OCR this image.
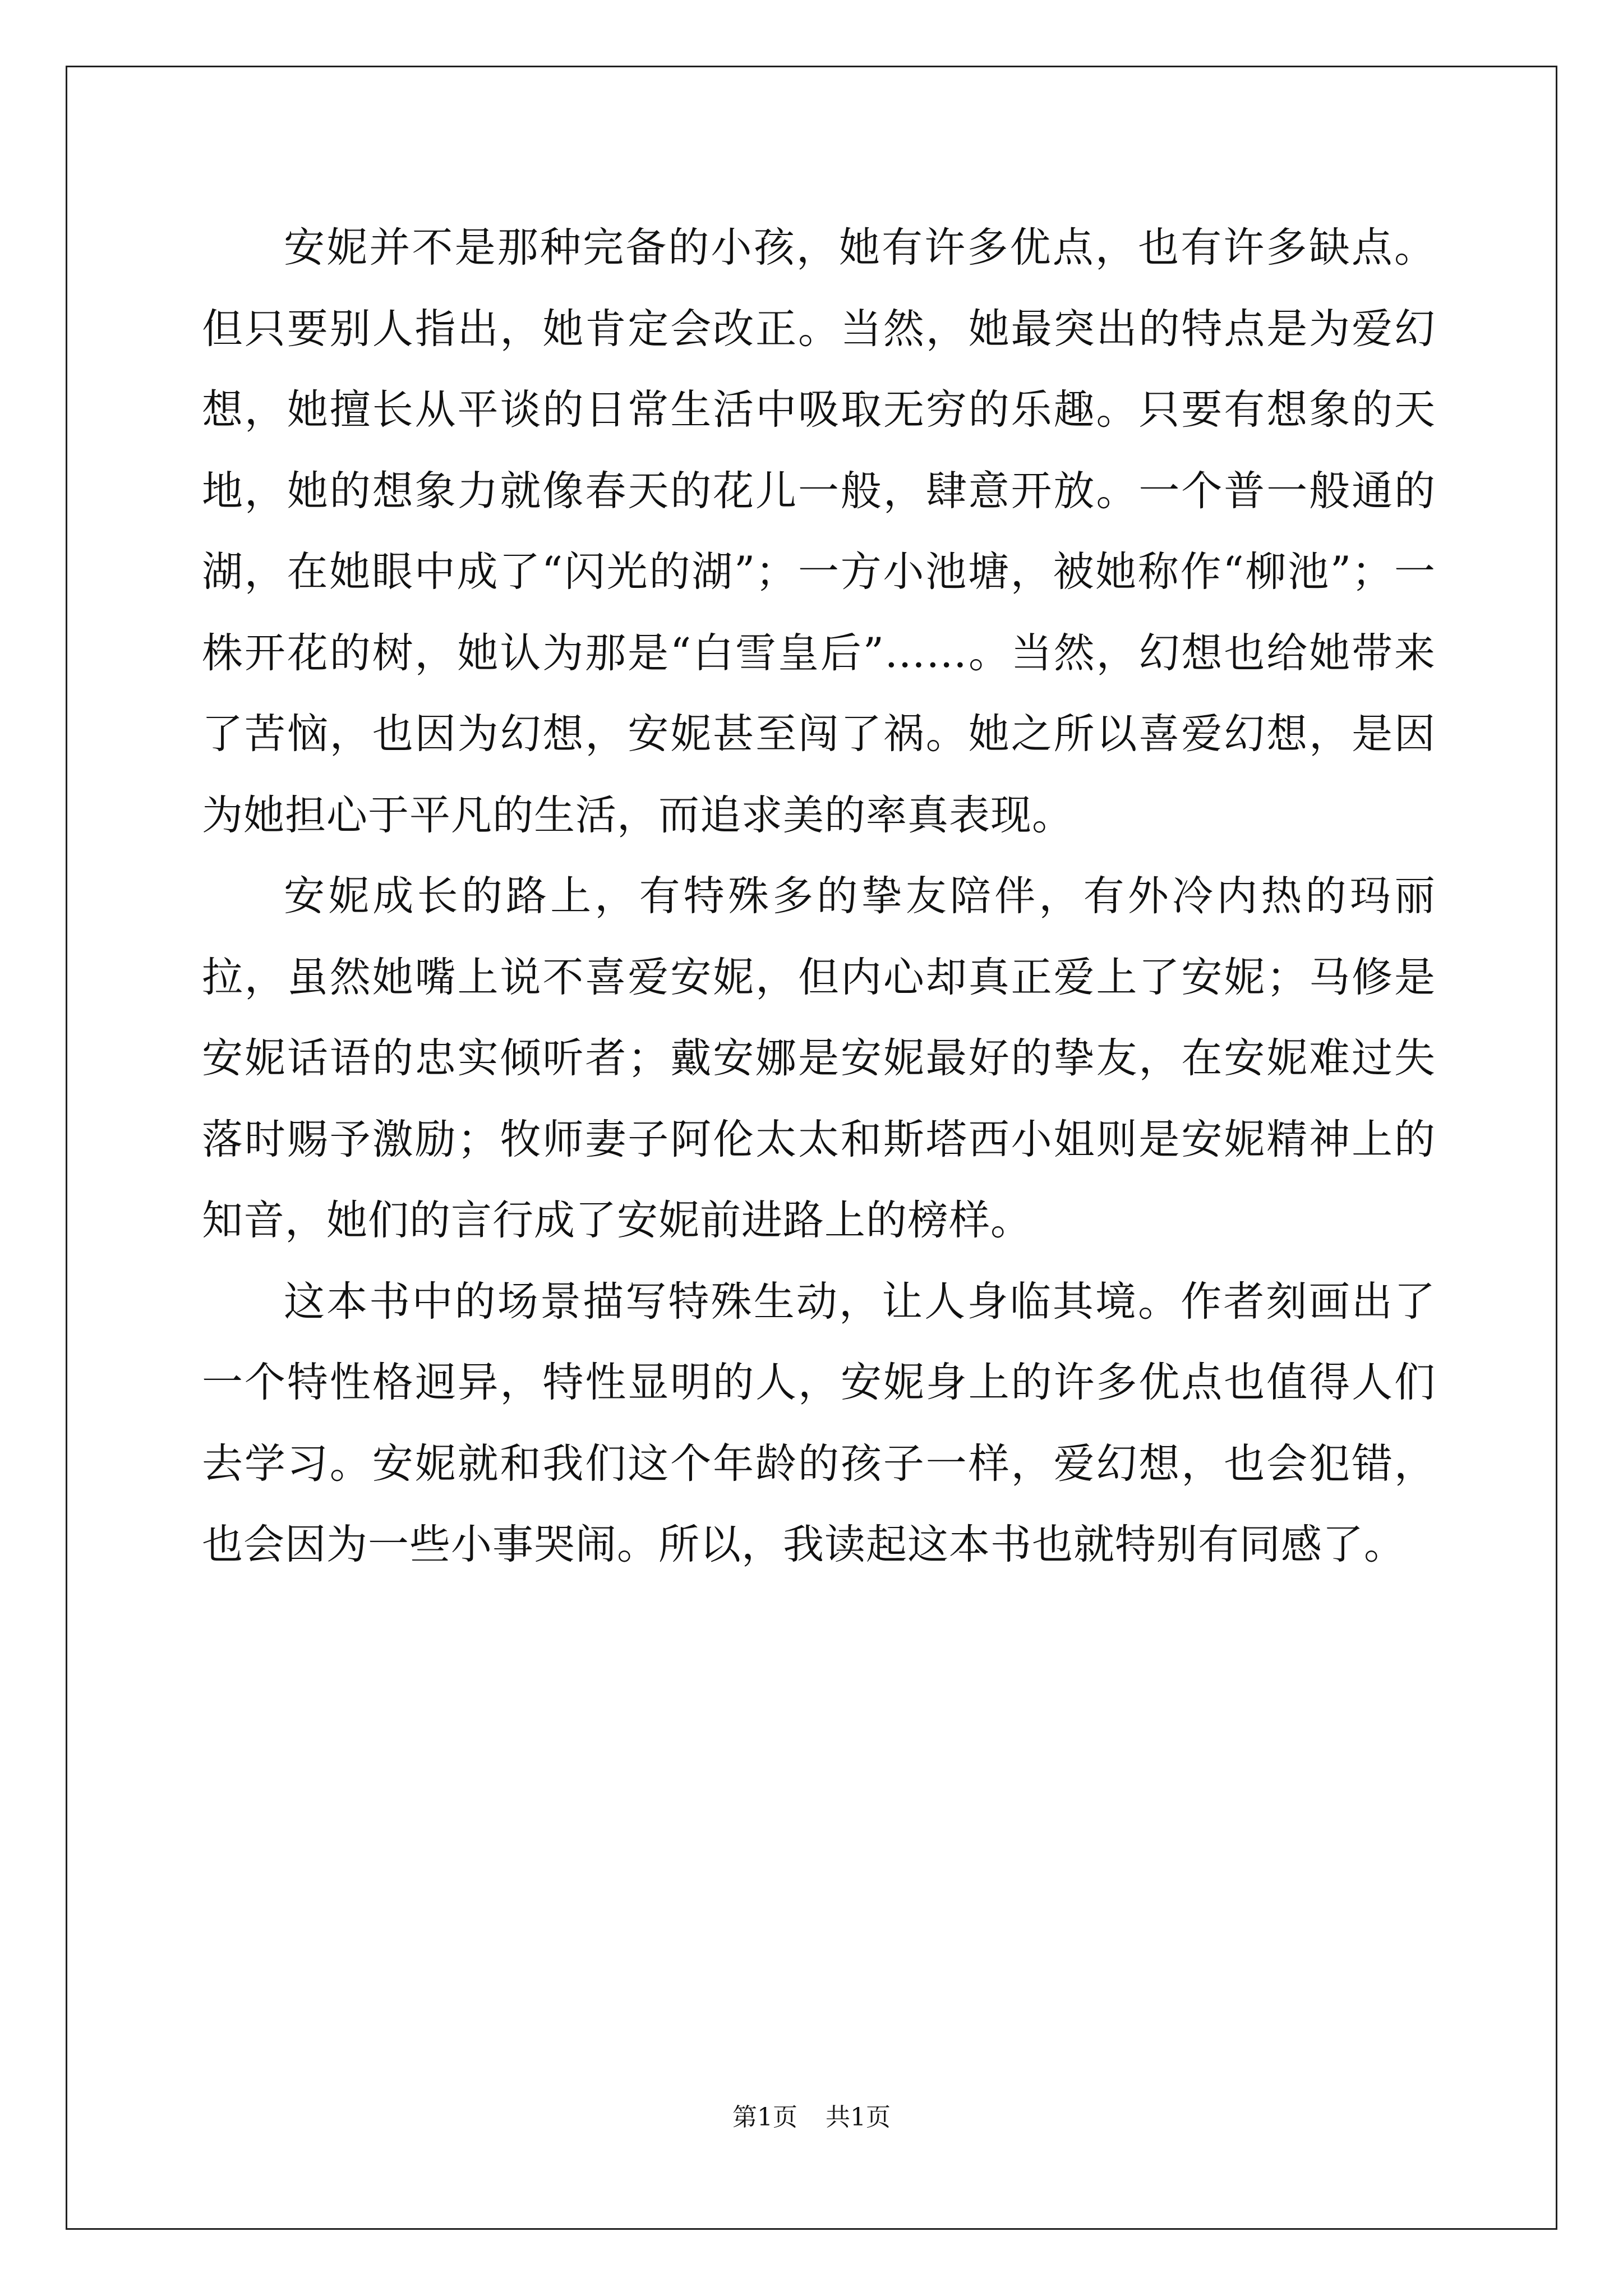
安妮并不是那种完备的小孩，她有许多优点，也有许多缺点。但只要别人指出，她肯定会改正。当然，她最突出的特点是为爱幻想，她擅长从平谈的日常生活中吸取无穷的乐趣。只要有想象的天地，她的想象力就像春天的花儿一般，肆意开放。一个普一般通的湖，在她眼中成了“闪光的湖”；一方小池塘，被她称作“柳池”；一株开花的树，她认为那是“白雪皇后”……。当然，幻想也给她带来了苦恼，也因为幻想，安妮甚至闯了祸。她之所以喜爱幻想，是因为她担心于平凡的生活，而追求美的率真表现。

安妮成长的路上，有特殊多的挚友陪伴，有外冷内热的玛丽拉，虽然她嘴上说不喜爱安妮，但内心却真正爱上了安妮；马修是安妮话语的忠实倾听者；戴安娜是安妮最好的挚友，在安妮难过失落时赐予激励；牧师妻子阿伦太太和斯塔西小姐则是安妮精神上的知音，她们的言行成了安妮前进路上的榜样。

这本书中的场景描写特殊生动，让人身临其境。作者刻画出了一个特性格迥异，特性显明的人，安妮身上的许多优点也值得人们去学习。安妮就和我们这个年龄的孩子一样，爱幻想，也会犯错，也会因为一些小事哭闹。所以，我读起这本书也就特别有同感了。

第1页 共1页
